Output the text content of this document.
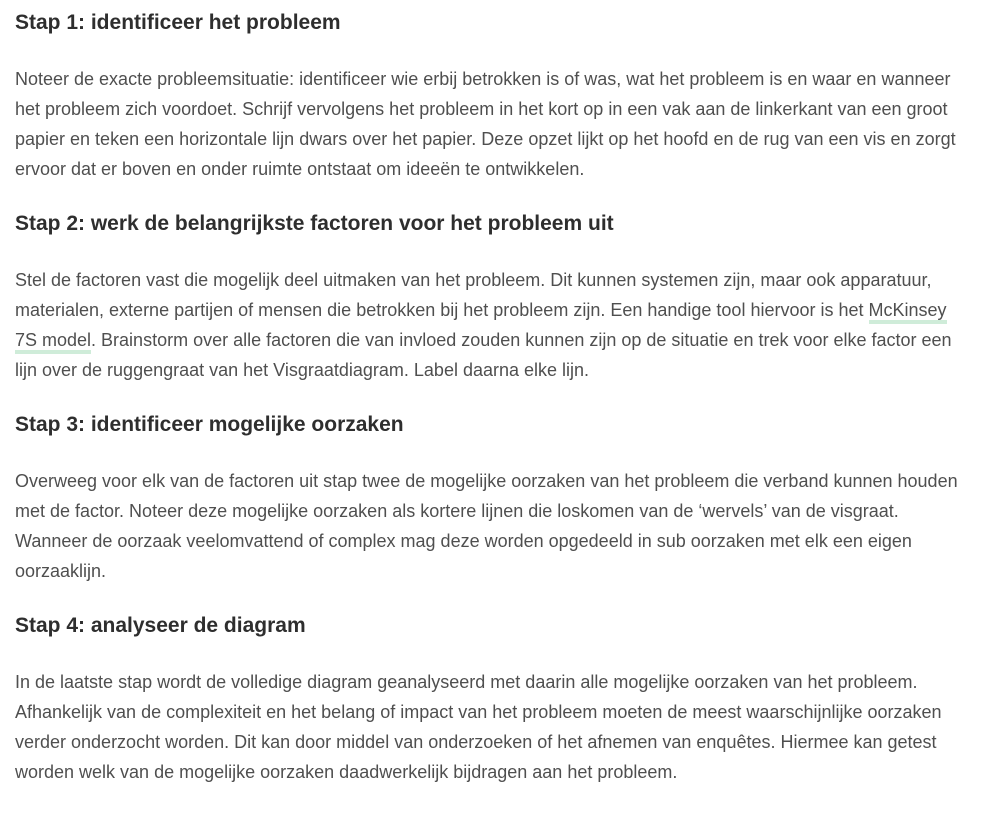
Stap 1: identificeer het probleem

Noteer de exacte probleemsituatie: identificeer wie erbij betrokken is of was, wat het probleem is en waar en wanneer het probleem zich voordoet. Schrijf vervolgens het probleem in het kort op in een vak aan de linkerkant van een groot papier en teken een horizontale lijn dwars over het papier. Deze opzet lijkt op het hoofd en de rug van een vis en zorgt ervoor dat er boven en onder ruimte ontstaat om ideeën te ontwikkelen.

Stap 2: werk de belangrijkste factoren voor het probleem uit

Stel de factoren vast die mogelijk deel uitmaken van het probleem. Dit kunnen systemen zijn, maar ook apparatuur, materialen, externe partijen of mensen die betrokken bij het probleem zijn. Een handige tool hiervoor is het McKinsey 7S model. Brainstorm over alle factoren die van invloed zouden kunnen zijn op de situatie en trek voor elke factor een lijn over de ruggengraat van het Visgraatdiagram. Label daarna elke lijn.

Stap 3: identificeer mogelijke oorzaken

Overweeg voor elk van de factoren uit stap twee de mogelijke oorzaken van het probleem die verband kunnen houden met de factor. Noteer deze mogelijke oorzaken als kortere lijnen die loskomen van de ‘wervels’ van de visgraat. Wanneer de oorzaak veelomvattend of complex mag deze worden opgedeeld in sub oorzaken met elk een eigen oorzaaklijn.

Stap 4: analyseer de diagram

In de laatste stap wordt de volledige diagram geanalyseerd met daarin alle mogelijke oorzaken van het probleem. Afhankelijk van de complexiteit en het belang of impact van het probleem moeten de meest waarschijnlijke oorzaken verder onderzocht worden. Dit kan door middel van onderzoeken of het afnemen van enquêtes. Hiermee kan getest worden welk van de mogelijke oorzaken daadwerkelijk bijdragen aan het probleem.
